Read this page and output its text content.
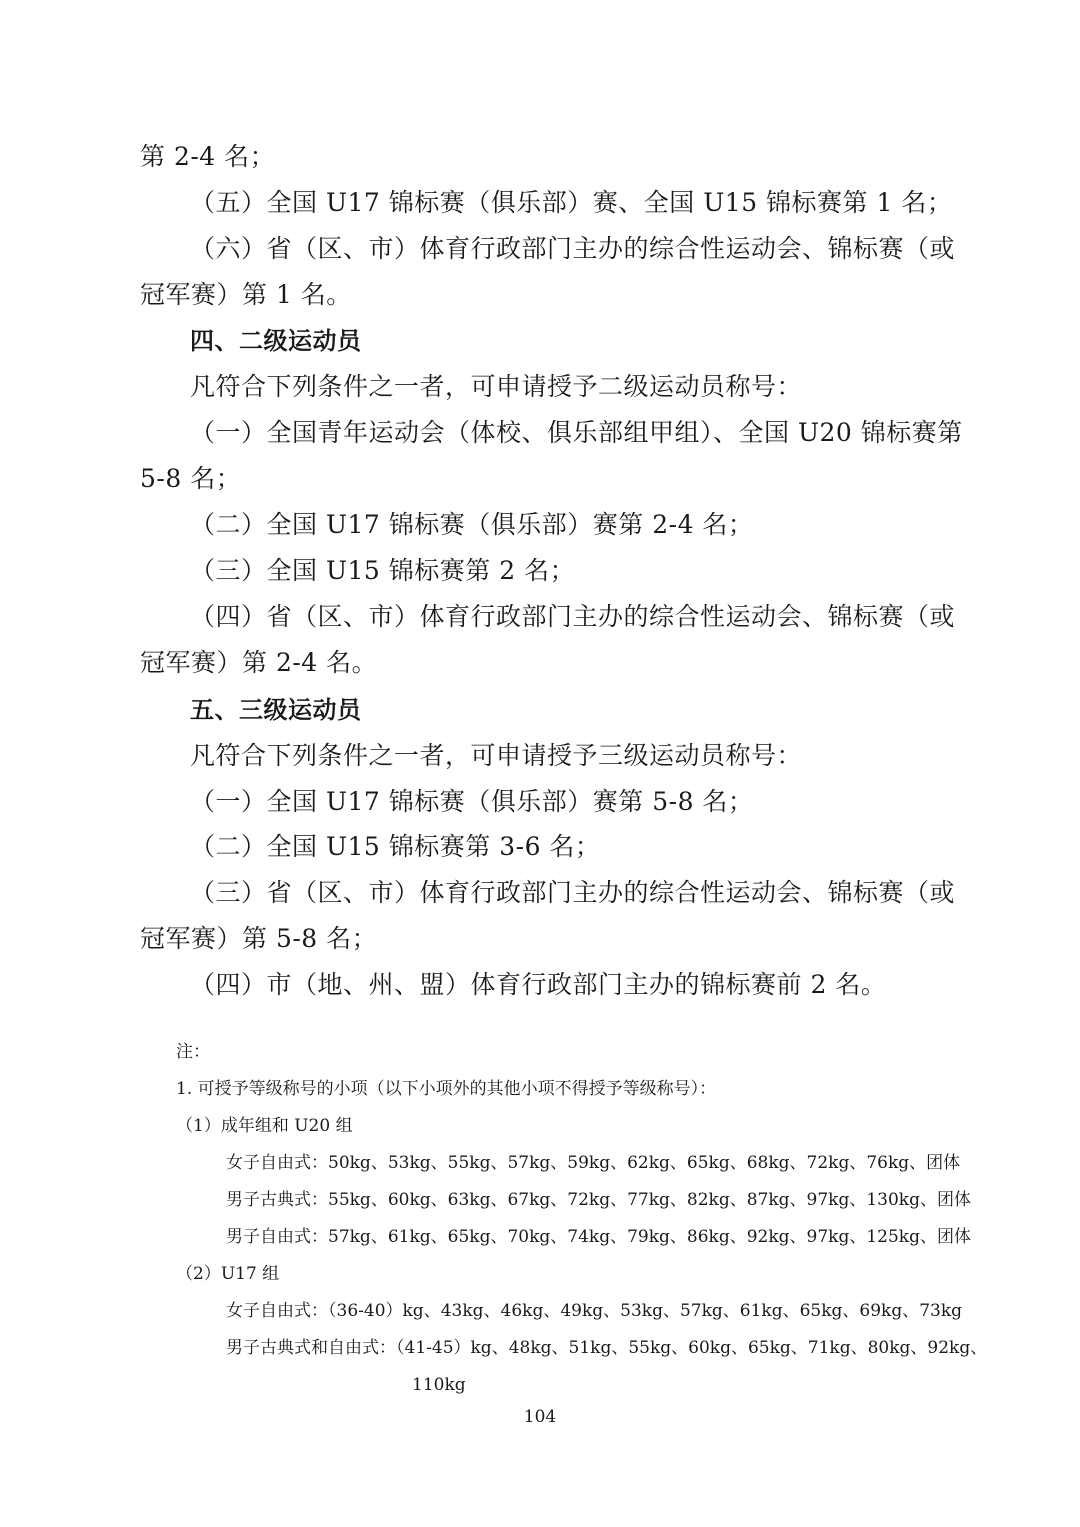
第 2-4 名；
（五）全国 U17 锦标赛（俱乐部）赛、全国 U15 锦标赛第 1 名；
（六）省（区、市）体育行政部门主办的综合性运动会、锦标赛（或
冠军赛）第 1 名。
四、二级运动员
凡符合下列条件之一者，可申请授予二级运动员称号：
（一）全国青年运动会（体校、俱乐部组甲组）、全国 U20 锦标赛第
5-8 名；
（二）全国 U17 锦标赛（俱乐部）赛第 2-4 名；
（三）全国 U15 锦标赛第 2 名；
（四）省（区、市）体育行政部门主办的综合性运动会、锦标赛（或
冠军赛）第 2-4 名。
五、三级运动员
凡符合下列条件之一者，可申请授予三级运动员称号：
（一）全国 U17 锦标赛（俱乐部）赛第 5-8 名；
（二）全国 U15 锦标赛第 3-6 名；
（三）省（区、市）体育行政部门主办的综合性运动会、锦标赛（或
冠军赛）第 5-8 名；
（四）市（地、州、盟）体育行政部门主办的锦标赛前 2 名。
注：
1. 可授予等级称号的小项（以下小项外的其他小项不得授予等级称号）：
（1）成年组和 U20 组
女子自由式：50kg、53kg、55kg、57kg、59kg、62kg、65kg、68kg、72kg、76kg、团体
男子古典式：55kg、60kg、63kg、67kg、72kg、77kg、82kg、87kg、97kg、130kg、团体
男子自由式：57kg、61kg、65kg、70kg、74kg、79kg、86kg、92kg、97kg、125kg、团体
（2）U17 组
女子自由式：（36-40）kg、43kg、46kg、49kg、53kg、57kg、61kg、65kg、69kg、73kg
男子古典式和自由式：（41-45）kg、48kg、51kg、55kg、60kg、65kg、71kg、80kg、92kg、
110kg
104
